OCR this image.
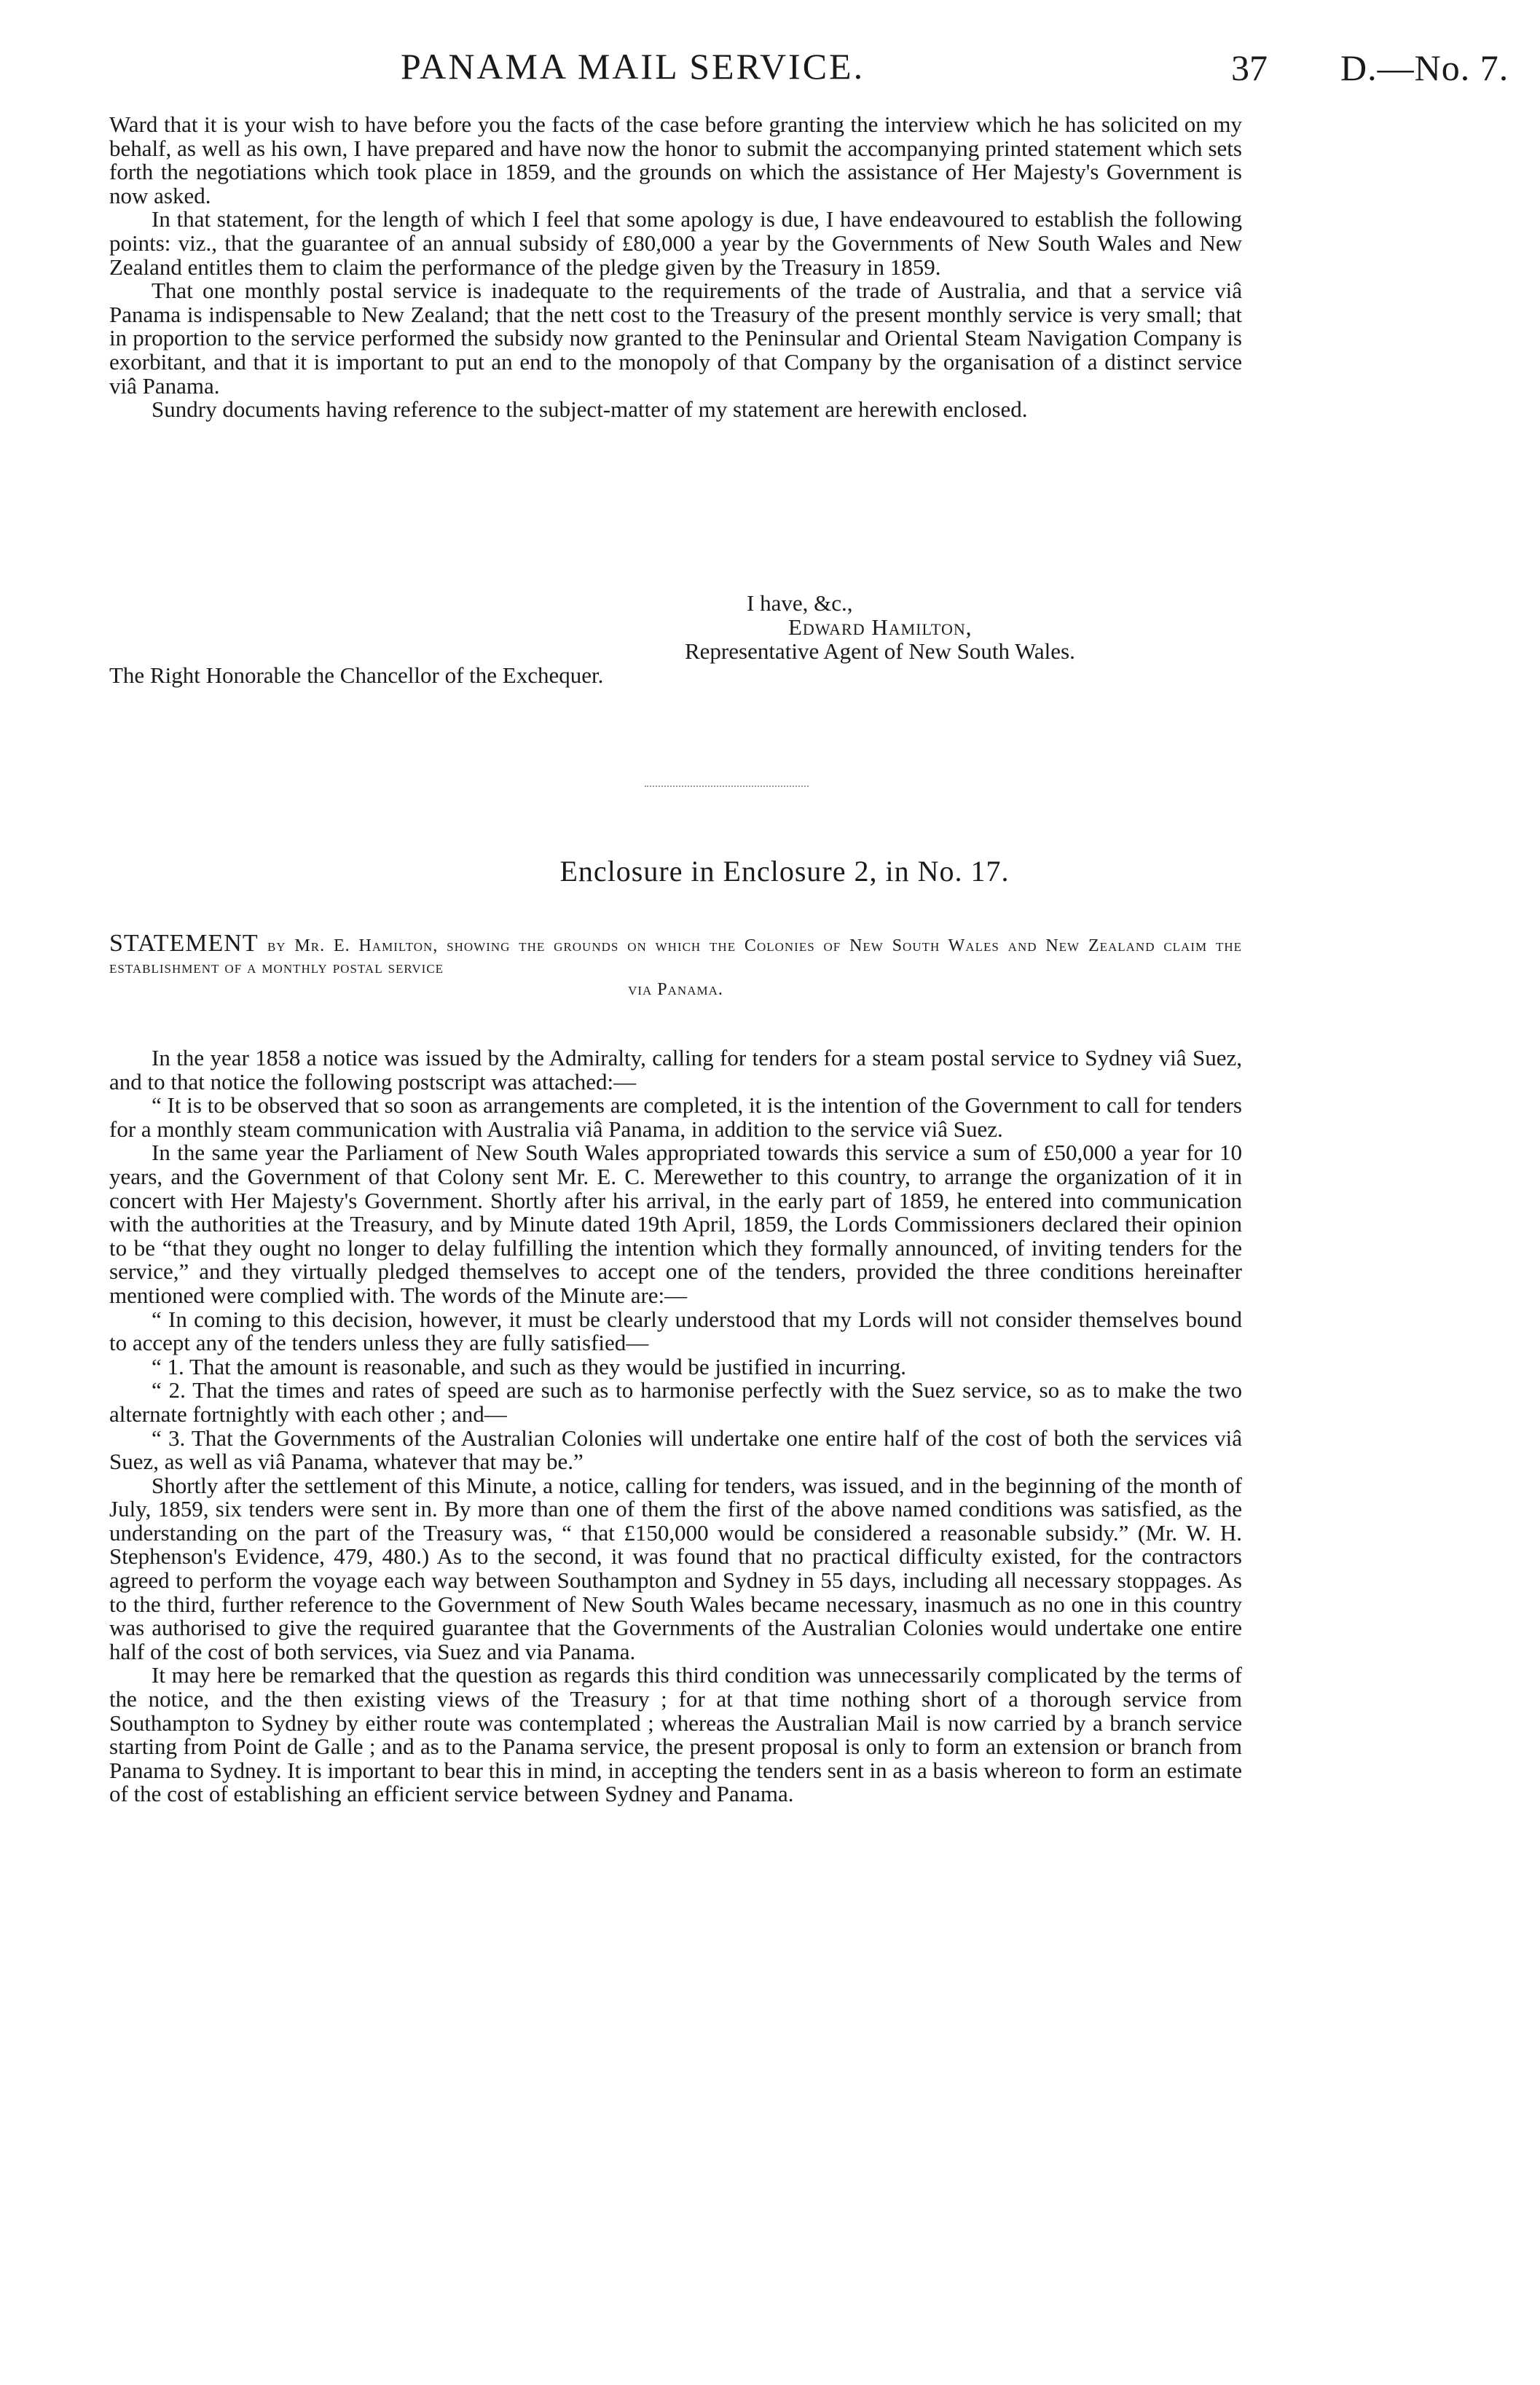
PANAMA MAIL SERVICE.	37 D.—No. 7.

Ward that it is your wish to have before you the facts of the case before granting the interview which he has solicited on my behalf, as well as his own, I have prepared and have now the honor to submit the accompanying printed statement which sets forth the negotiations which took place in 1859, and the grounds on which the assistance of Her Majesty's Government is now asked.

In that statement, for the length of which I feel that some apology is due, I have endeavoured to establish the following points: viz., that the guarantee of an annual subsidy of £80,000 a year by the Governments of New South Wales and New Zealand entitles them to claim the performance of the pledge given by the Treasury in 1859.

That one monthly postal service is inadequate to the requirements of the trade of Australia, and that a service viâ Panama is indispensable to New Zealand; that the nett cost to the Treasury of the present monthly service is very small; that in proportion to the service performed the subsidy now granted to the Peninsular and Oriental Steam Navigation Company is exorbitant, and that it is important to put an end to the monopoly of that Company by the organisation of a distinct service viâ Panama.

Sundry documents having reference to the subject-matter of my statement are herewith enclosed.

I have, &c.,
Edward Hamilton,
Representative Agent of New South Wales.
The Right Honorable the Chancellor of the Exchequer.
Enclosure in Enclosure 2, in No. 17.
STATEMENT by Mr. E. Hamilton, showing the grounds on which the Colonies of New South Wales and New Zealand claim the establishment of a monthly postal service
via Panama.

In the year 1858 a notice was issued by the Admiralty, calling for tenders for a steam postal service to Sydney viâ Suez, and to that notice the following postscript was attached:—

“ It is to be observed that so soon as arrangements are completed, it is the intention of the Government to call for tenders for a monthly steam communication with Australia viâ Panama, in addition to the service viâ Suez.

In the same year the Parliament of New South Wales appropriated towards this service a sum of £50,000 a year for 10 years, and the Government of that Colony sent Mr. E. C. Merewether to this country, to arrange the organization of it in concert with Her Majesty's Government. Shortly after his arrival, in the early part of 1859, he entered into communication with the authorities at the Treasury, and by Minute dated 19th April, 1859, the Lords Commissioners declared their opinion to be “that they ought no longer to delay fulfilling the intention which they formally announced, of inviting tenders for the service,” and they virtually pledged themselves to accept one of the tenders, provided the three conditions hereinafter mentioned were complied with. The words of the Minute are:—

“ In coming to this decision, however, it must be clearly understood that my Lords will not consider themselves bound to accept any of the tenders unless they are fully satisfied—

“ 1. That the amount is reasonable, and such as they would be justified in incurring.

“ 2. That the times and rates of speed are such as to harmonise perfectly with the Suez service, so as to make the two alternate fortnightly with each other ; and—

“ 3. That the Governments of the Australian Colonies will undertake one entire half of the cost of both the services viâ Suez, as well as viâ Panama, whatever that may be.”

Shortly after the settlement of this Minute, a notice, calling for tenders, was issued, and in the beginning of the month of July, 1859, six tenders were sent in. By more than one of them the first of the above named conditions was satisfied, as the understanding on the part of the Treasury was, “ that £150,000 would be considered a reasonable subsidy.” (Mr. W. H. Stephenson's Evidence, 479, 480.) As to the second, it was found that no practical difficulty existed, for the contractors agreed to perform the voyage each way between Southampton and Sydney in 55 days, including all necessary stoppages. As to the third, further reference to the Government of New South Wales became necessary, inasmuch as no one in this country was authorised to give the required guarantee that the Governments of the Australian Colonies would undertake one entire half of the cost of both services, via Suez and via Panama.

It may here be remarked that the question as regards this third condition was unnecessarily complicated by the terms of the notice, and the then existing views of the Treasury ; for at that time nothing short of a thorough service from Southampton to Sydney by either route was contemplated ; whereas the Australian Mail is now carried by a branch service starting from Point de Galle ; and as to the Panama service, the present proposal is only to form an extension or branch from Panama to Sydney. It is important to bear this in mind, in accepting the tenders sent in as a basis whereon to form an estimate of the cost of establishing an efficient service between Sydney and Panama.
